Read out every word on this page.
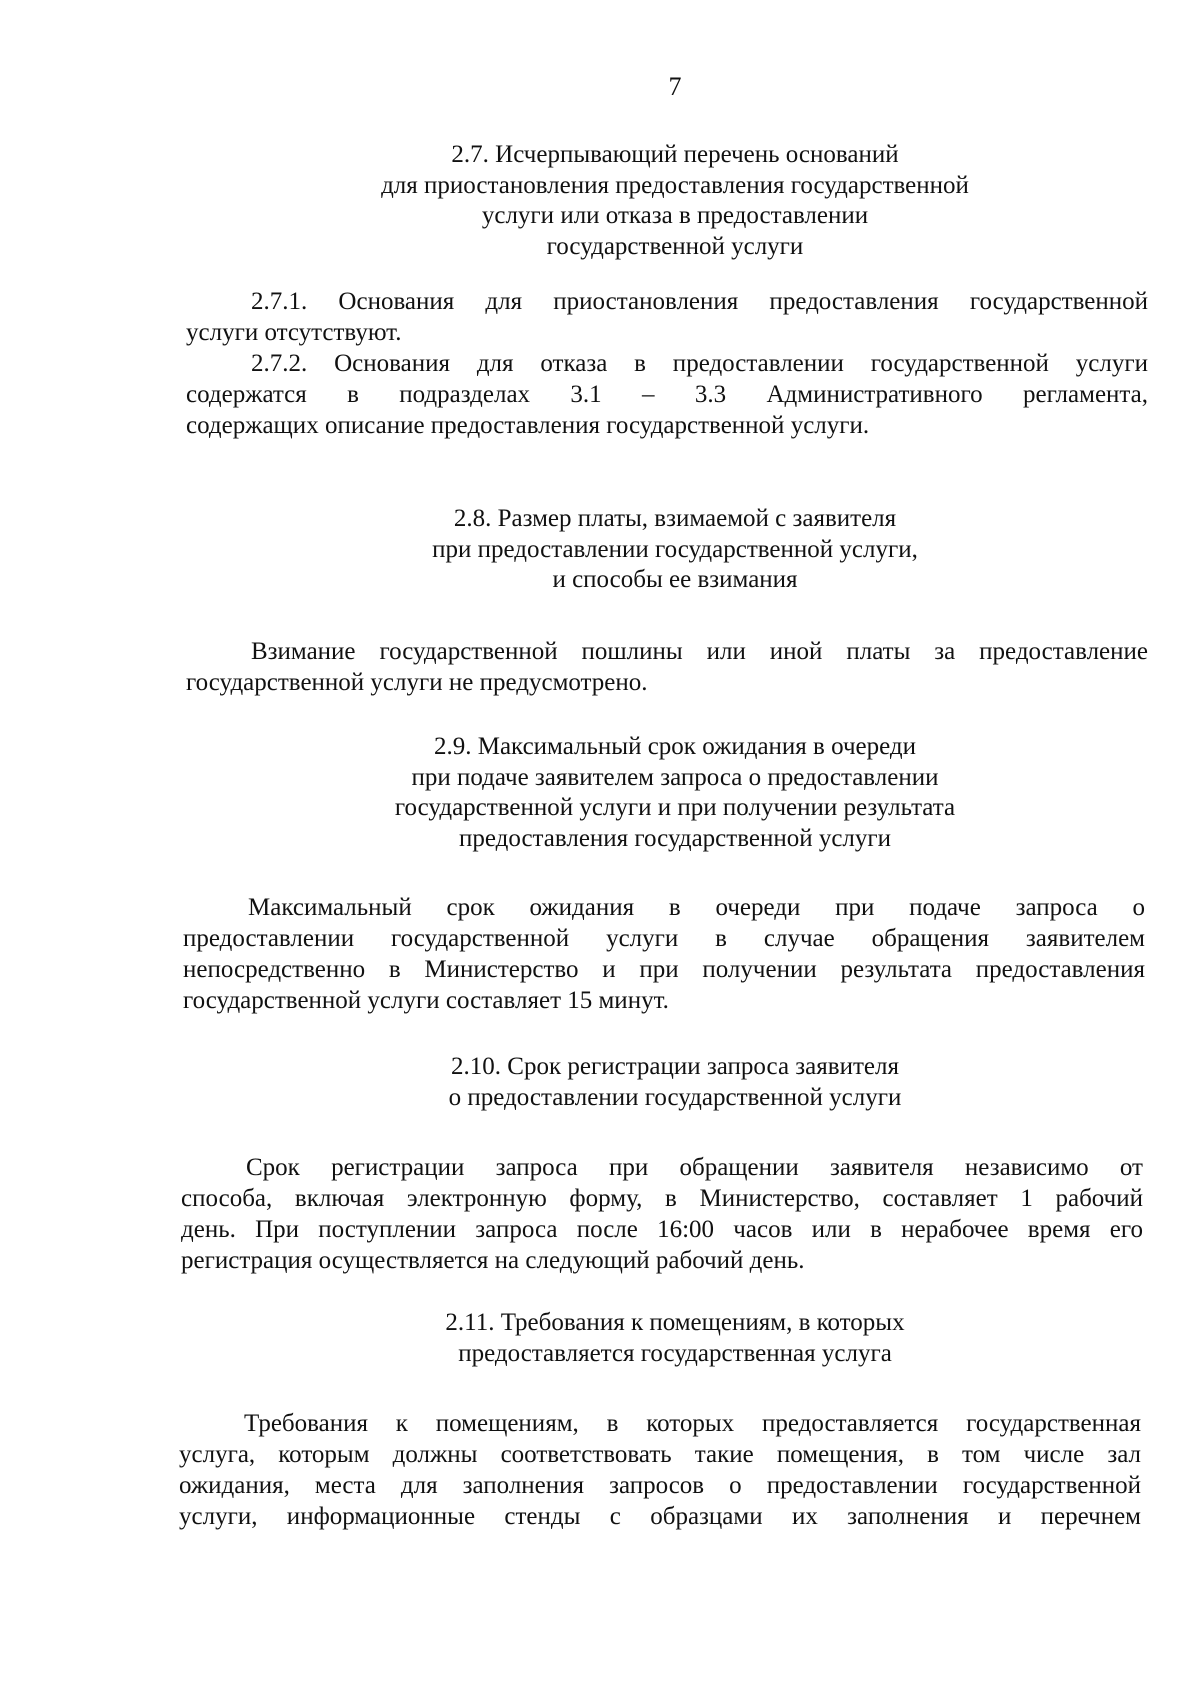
7
2.7. Исчерпывающий перечень оснований
для приостановления предоставления государственной
услуги или отказа в предоставлении
государственной услуги
2.7.1. Основания для приостановления предоставления государственной
услуги отсутствуют.
2.7.2. Основания для отказа в предоставлении государственной услуги
содержатся в подразделах 3.1 – 3.3 Административного регламента,
содержащих описание предоставления государственной услуги.
2.8. Размер платы, взимаемой с заявителя
при предоставлении государственной услуги,
и способы ее взимания
Взимание государственной пошлины или иной платы за предоставление
государственной услуги не предусмотрено.
2.9. Максимальный срок ожидания в очереди
при подаче заявителем запроса о предоставлении
государственной услуги и при получении результата
предоставления государственной услуги
Максимальный срок ожидания в очереди при подаче запроса о
предоставлении государственной услуги в случае обращения заявителем
непосредственно в Министерство и при получении результата предоставления
государственной услуги составляет 15 минут.
2.10. Срок регистрации запроса заявителя
о предоставлении государственной услуги
Срок регистрации запроса при обращении заявителя независимо от
способа, включая электронную форму, в Министерство, составляет 1 рабочий
день. При поступлении запроса после 16:00 часов или в нерабочее время его
регистрация осуществляется на следующий рабочий день.
2.11. Требования к помещениям, в которых
предоставляется государственная услуга
Требования к помещениям, в которых предоставляется государственная
услуга, которым должны соответствовать такие помещения, в том числе зал
ожидания, места для заполнения запросов о предоставлении государственной
услуги, информационные стенды с образцами их заполнения и перечнем
